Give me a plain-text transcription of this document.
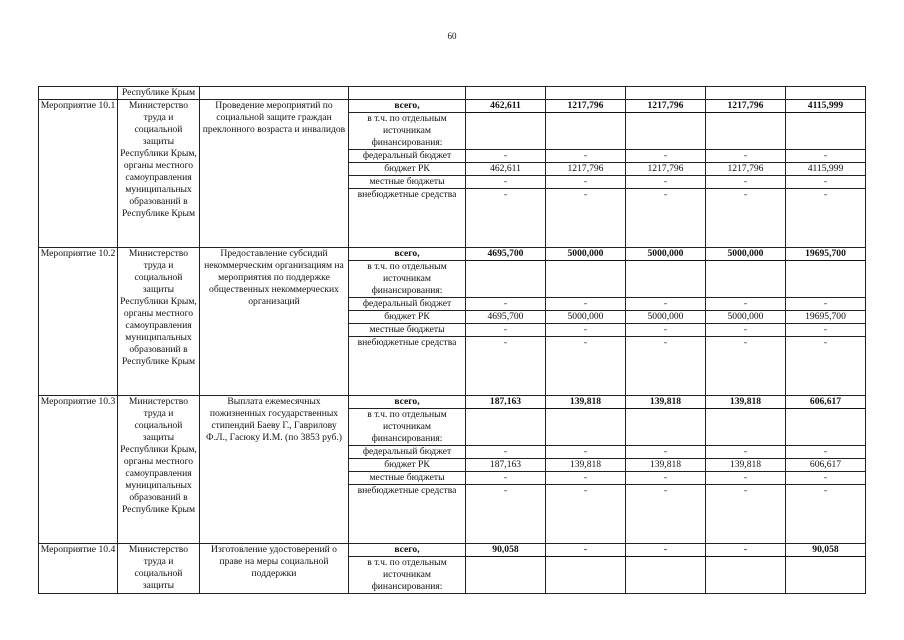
60
	Республике Крым							
Мероприятие 10.1	Министерство труда и социальной защиты Республики Крым, органы местного самоуправления муниципальных образований в Республике Крым	Проведение мероприятий по социальной защите граждан преклонного возраста и инвалидов	всего,	462,611	1217,796	1217,796	1217,796	4115,999
			в т.ч. по отдельным источникам финансирования:					
			федеральный бюджет	-	-	-	-	-
			бюджет РК	462,611	1217,796	1217,796	1217,796	4115,999
			местные бюджеты	-	-	-	-	-
			внебюджетные средства	-	-	-	-	-
Мероприятие 10.2	Министерство труда и социальной защиты Республики Крым, органы местного самоуправления муниципальных образований в Республике Крым	Предоставление субсидий некоммерческим организациям на мероприятия по поддержке общественных некоммерческих организаций	всего,	4695,700	5000,000	5000,000	5000,000	19695,700
			в т.ч. по отдельным источникам финансирования:					
			федеральный бюджет	-	-	-	-	-
			бюджет РК	4695,700	5000,000	5000,000	5000,000	19695,700
			местные бюджеты	-	-	-	-	-
			внебюджетные средства	-	-	-	-	-
Мероприятие 10.3	Министерство труда и социальной защиты Республики Крым, органы местного самоуправления муниципальных образований в Республике Крым	Выплата ежемесячных пожизненных государственных стипендий Баеву Г., Гаврилову Ф.Л., Гасюку И.М. (по 3853 руб.)	всего,	187,163	139,818	139,818	139,818	606,617
			в т.ч. по отдельным источникам финансирования:					
			федеральный бюджет	-	-	-	-	-
			бюджет РК	187,163	139,818	139,818	139,818	606,617
			местные бюджеты	-	-	-	-	-
			внебюджетные средства	-	-	-	-	-
Мероприятие 10.4	Министерство труда и социальной защиты	Изготовление удостоверений о праве на меры социальной поддержки	всего,	90,058	-	-	-	90,058
			в т.ч. по отдельным источникам финансирования:					
